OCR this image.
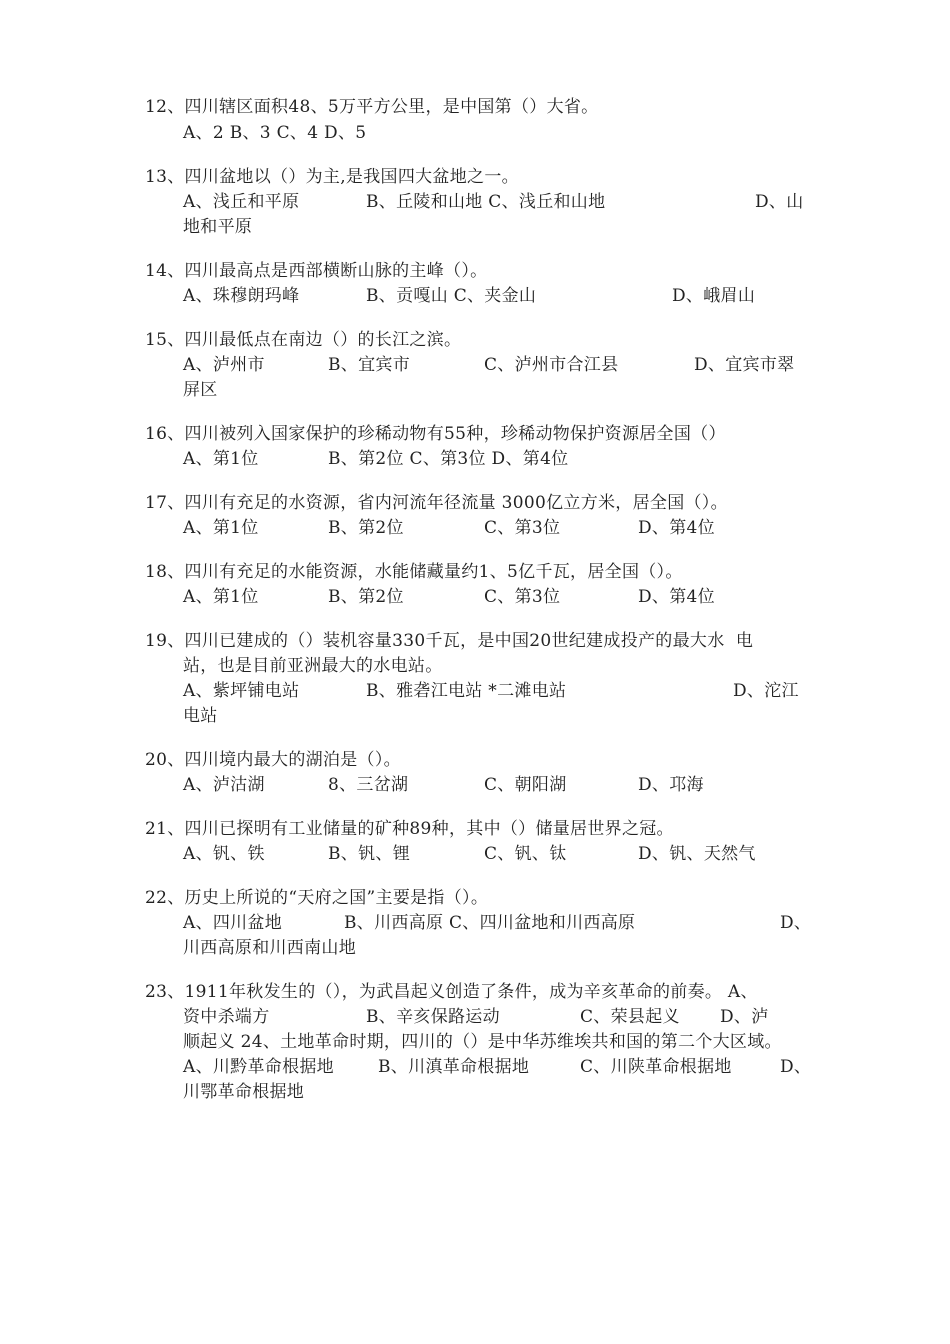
12、四川辖区面积48、5万平方公里，是中国第（）大省。
A、2 B、3 C、4 D、5
13、四川盆地以（）为主,是我国四大盆地之一。
A、浅丘和平原	B、丘陵和山地 C、浅丘和山地	D、山
地和平原
14、四川最高点是西部横断山脉的主峰（）。
A、珠穆朗玛峰	B、贡嘎山 C、夹金山	D、峨眉山
15、四川最低点在南边（）的长江之滨。
A、泸州市	B、宜宾市	C、泸州市合江县	D、宜宾市翠
屏区
16、四川被列入国家保护的珍稀动物有55种，珍稀动物保护资源居全国（）
A、第1位	B、第2位 C、第3位 D、第4位
17、四川有充足的水资源，省内河流年径流量 3000亿立方米，居全国（）。
A、第1位	B、第2位	C、第3位	D、第4位
18、四川有充足的水能资源，水能储藏量约1、5亿千瓦，居全国（）。
A、第1位	B、第2位	C、第3位	D、第4位
19、四川已建成的（）装机容量330千瓦，是中国20世纪建成投产的最大水  电
站，也是目前亚洲最大的水电站。
A、紫坪铺电站	B、雅砻江电站 *二滩电站	D、沱江
电站
20、四川境内最大的湖泊是（）。
A、泸沽湖	8、三岔湖	C、朝阳湖	D、邛海
21、四川已探明有工业储量的矿种89种，其中（）储量居世界之冠。
A、钒、铁	B、钒、锂	C、钒、钛	D、钒、天然气
22、历史上所说的“天府之国”主要是指（）。
A、四川盆地	B、川西高原 C、四川盆地和川西高原	D、
川西高原和川西南山地
23、1911年秋发生的（），为武昌起义创造了条件，成为辛亥革命的前奏。 A、
资中杀端方	B、辛亥保路运动	C、荣县起义 D、泸
顺起义 24、土地革命时期，四川的（）是中华苏维埃共和国的第二个大区域。
A、川黔革命根据地	B、川滇革命根据地	C、川陕革命根据地	D、
川鄂革命根据地
